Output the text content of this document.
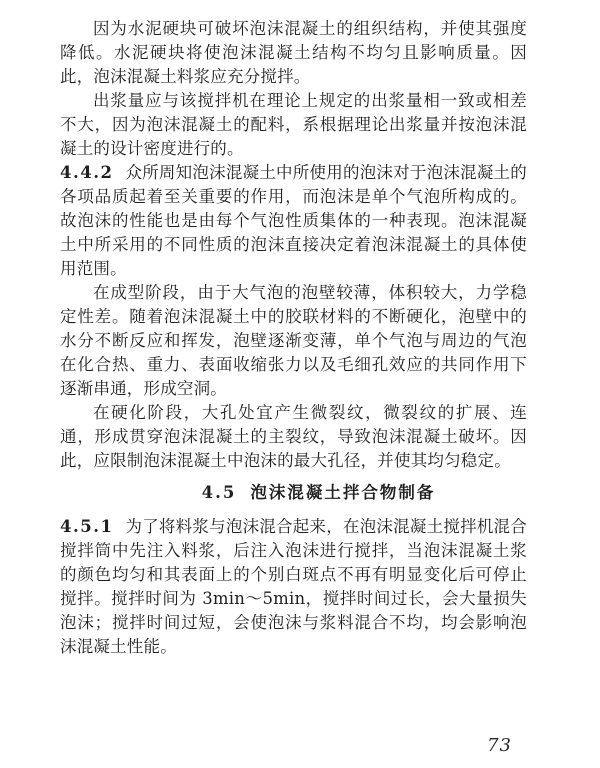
因为水泥硬块可破坏泡沫混凝土的组织结构，并使其强度降低。水泥硬块将使泡沫混凝土结构不均匀且影响质量。因此，泡沫混凝土料浆应充分搅拌。

出浆量应与该搅拌机在理论上规定的出浆量相一致或相差不大，因为泡沫混凝土的配料，系根据理论出浆量并按泡沫混凝土的设计密度进行的。

4.4.2 众所周知泡沫混凝土中所使用的泡沫对于泡沫混凝土的各项品质起着至关重要的作用，而泡沫是单个气泡所构成的。故泡沫的性能也是由每个气泡性质集体的一种表现。泡沫混凝土中所采用的不同性质的泡沫直接决定着泡沫混凝土的具体使用范围。

在成型阶段，由于大气泡的泡壁较薄，体积较大，力学稳定性差。随着泡沫混凝土中的胶联材料的不断硬化，泡壁中的水分不断反应和挥发，泡壁逐渐变薄，单个气泡与周边的气泡在化合热、重力、表面收缩张力以及毛细孔效应的共同作用下逐渐串通，形成空洞。

在硬化阶段，大孔处宜产生微裂纹，微裂纹的扩展、连通，形成贯穿泡沫混凝土的主裂纹，导致泡沫混凝土破坏。因此，应限制泡沫混凝土中泡沫的最大孔径，并使其均匀稳定。

4.5 泡沫混凝土拌合物制备

4.5.1 为了将料浆与泡沫混合起来，在泡沫混凝土搅拌机混合搅拌筒中先注入料浆，后注入泡沫进行搅拌，当泡沫混凝土浆的颜色均匀和其表面上的个别白斑点不再有明显变化后可停止搅拌。搅拌时间为 3min～5min，搅拌时间过长，会大量损失泡沫；搅拌时间过短，会使泡沫与浆料混合不均，均会影响泡沫混凝土性能。

73
